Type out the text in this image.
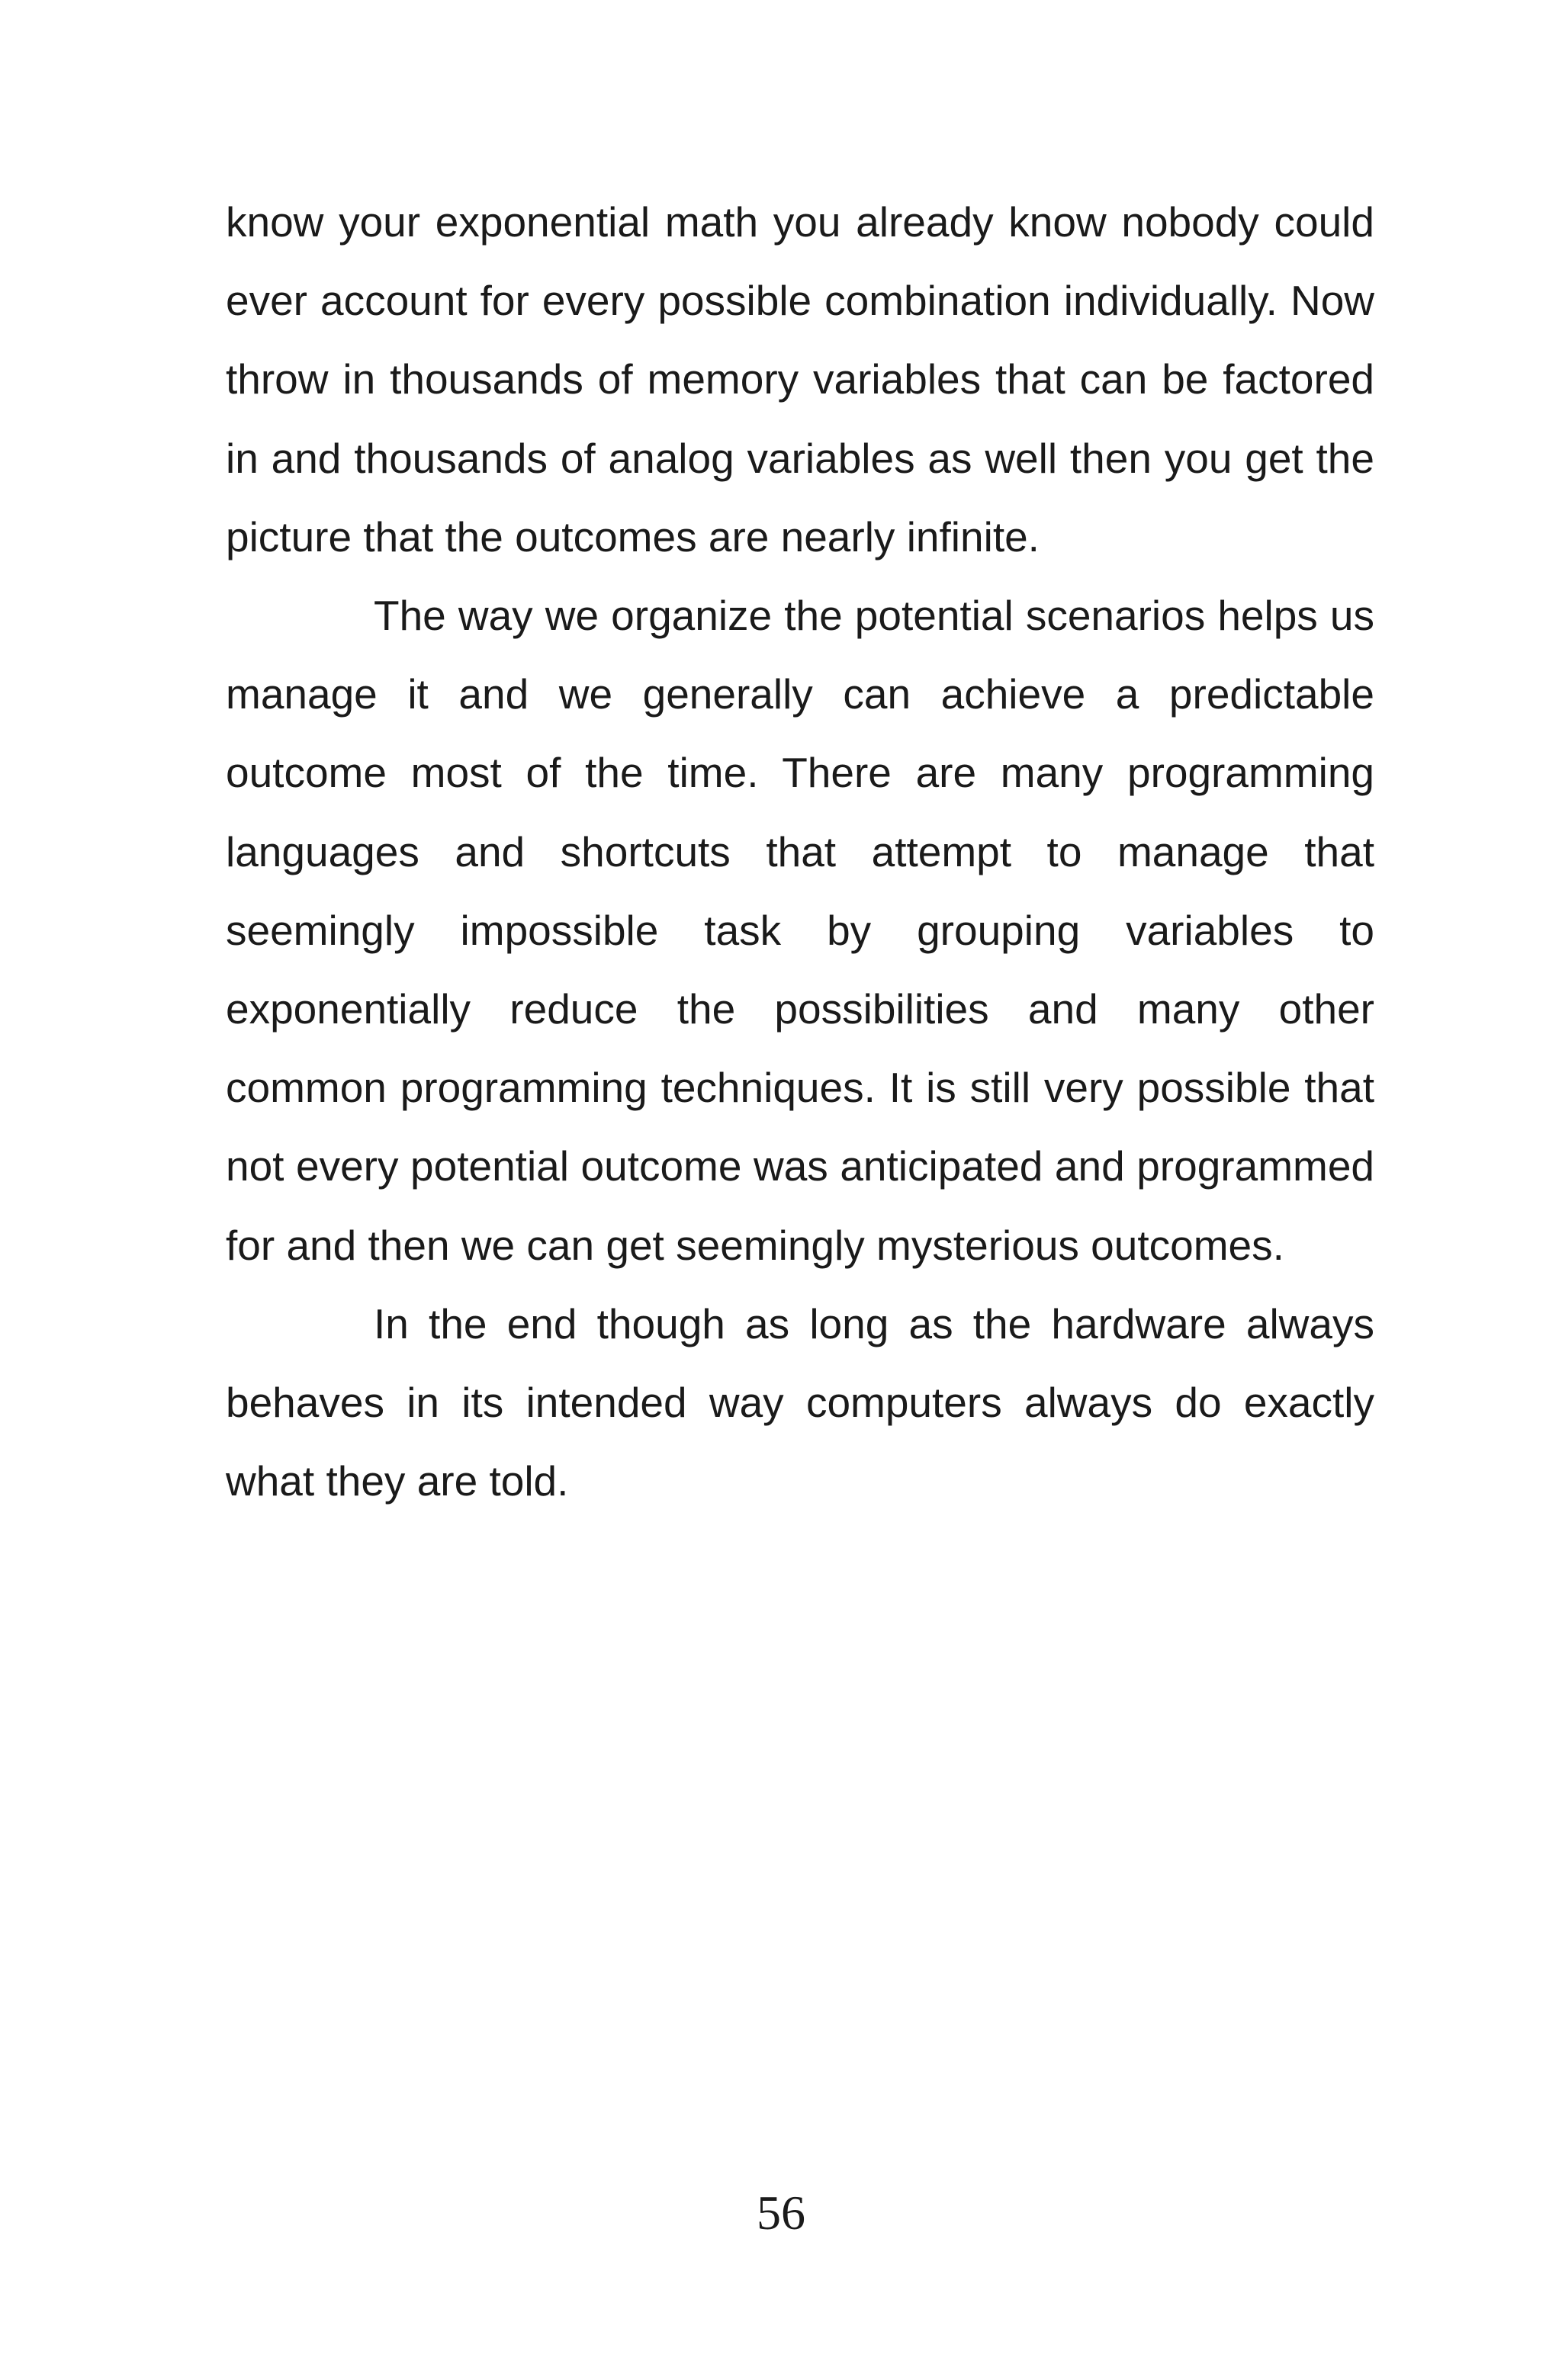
know your exponential math you already know nobody could ever account for every possible combination individually. Now throw in thousands of memory variables that can be factored in and thousands of analog variables as well then you get the picture that the outcomes are nearly infinite.

The way we organize the potential scenarios helps us manage it and we generally can achieve a predictable outcome most of the time. There are many programming languages and shortcuts that attempt to manage that seemingly impossible task by grouping variables to exponentially reduce the possibilities and many other common programming techniques. It is still very possible that not every potential outcome was anticipated and programmed for and then we can get seemingly mysterious outcomes.

In the end though as long as the hardware always behaves in its intended way computers always do exactly what they are told.

56
